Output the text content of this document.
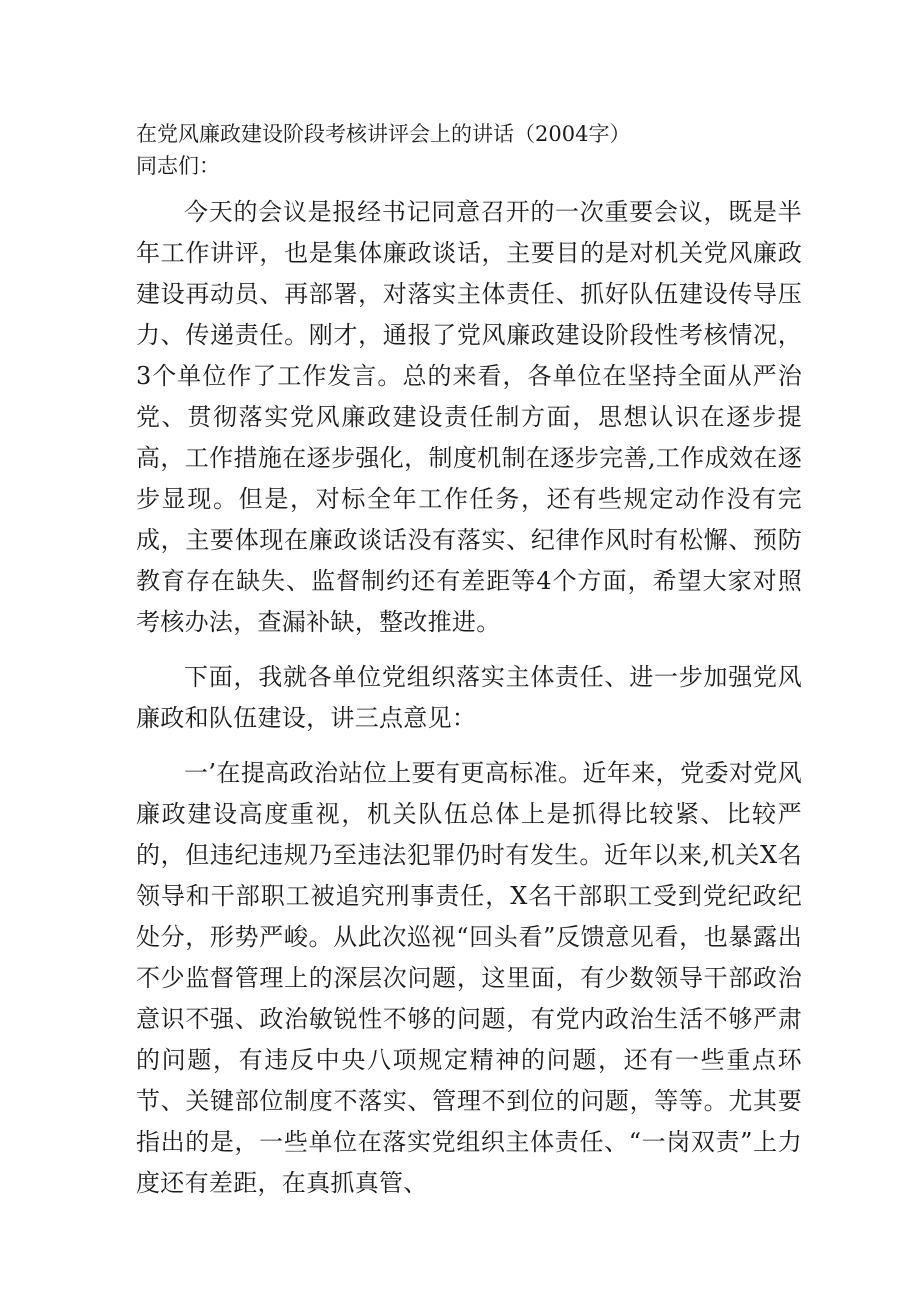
在党风廉政建设阶段考核讲评会上的讲话（2004字）

同志们：

今天的会议是报经书记同意召开的一次重要会议，既是半年工作讲评，也是集体廉政谈话，主要目的是对机关党风廉政建设再动员、再部署，对落实主体责任、抓好队伍建设传导压力、传递责任。刚才，通报了党风廉政建设阶段性考核情况，3个单位作了工作发言。总的来看，各单位在坚持全面从严治党、贯彻落实党风廉政建设责任制方面，思想认识在逐步提高，工作措施在逐步强化，制度机制在逐步完善,工作成效在逐步显现。但是，对标全年工作任务，还有些规定动作没有完成，主要体现在廉政谈话没有落实、纪律作风时有松懈、预防教育存在缺失、监督制约还有差距等4个方面，希望大家对照考核办法，查漏补缺，整改推进。

下面，我就各单位党组织落实主体责任、进一步加强党风廉政和队伍建设，讲三点意见：

一’在提高政治站位上要有更高标准。近年来，党委对党风廉政建设高度重视，机关队伍总体上是抓得比较紧、比较严的，但违纪违规乃至违法犯罪仍时有发生。近年以来,机关X名领导和干部职工被追究刑事责任，X名干部职工受到党纪政纪处分，形势严峻。从此次巡视“回头看”反馈意见看，也暴露出不少监督管理上的深层次问题，这里面，有少数领导干部政治意识不强、政治敏锐性不够的问题，有党内政治生活不够严肃的问题，有违反中央八项规定精神的问题，还有一些重点环节、关键部位制度不落实、管理不到位的问题，等等。尤其要指出的是，一些单位在落实党组织主体责任、“一岗双责”上力度还有差距，在真抓真管、
